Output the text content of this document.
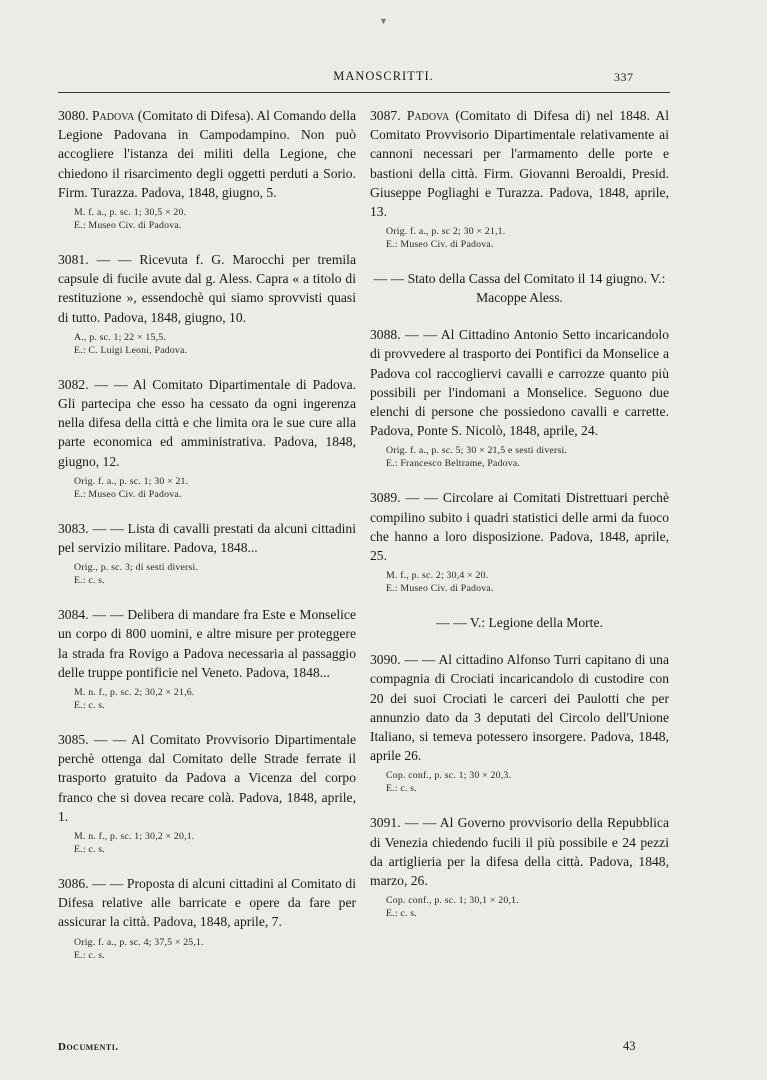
▼
MANOSCRITTI.	337

3080. Padova (Comitato di Difesa). Al Comando della Legione Padovana in Campodampino. Non può accogliere l'istanza dei militi della Legione, che chiedono il risarcimento degli oggetti perduti a Sorio. Firm. Turazza. Padova, 1848, giugno, 5.

M. f. a., p. sc. 1; 30,5 × 20.
E.: Museo Civ. di Padova.

3081. — — Ricevuta f. G. Marocchi per tremila capsule di fucile avute dal g. Aless. Capra « a titolo di restituzione », essendochè qui siamo sprovvisti quasi di tutto. Padova, 1848, giugno, 10.

A., p. sc. 1; 22 × 15,5.
E.: C. Luigi Leoni, Padova.

3082. — — Al Comitato Dipartimentale di Padova. Gli partecipa che esso ha cessato da ogni ingerenza nella difesa della città e che limita ora le sue cure alla parte economica ed amministrativa. Padova, 1848, giugno, 12.

Orig. f. a., p. sc. 1; 30 × 21.
E.: Museo Civ. di Padova.

3083. — — Lista di cavalli prestati da alcuni cittadini pel servizio militare. Padova, 1848...

Orig., p. sc. 3; di sesti diversi.
E.: c. s.

3084. — — Delibera di mandare fra Este e Monselice un corpo di 800 uomini, e altre misure per proteggere la strada fra Rovigo a Padova necessaria al passaggio delle truppe pontificie nel Veneto. Padova, 1848...

M. n. f., p. sc. 2; 30,2 × 21,6.
E.: c. s.

3085. — — Al Comitato Provvisorio Dipartimentale perchè ottenga dal Comitato delle Strade ferrate il trasporto gratuito da Padova a Vicenza del corpo franco che si dovea recare colà. Padova, 1848, aprile, 1.

M. n. f., p. sc. 1; 30,2 × 20,1.
E.: c. s.

3086. — — Proposta di alcuni cittadini al Comitato di Difesa relative alle barricate e opere da fare per assicurar la città. Padova, 1848, aprile, 7.

Orig. f. a., p. sc. 4; 37,5 × 25,1.
E.: c. s.

3087. Padova (Comitato di Difesa di) nel 1848. Al Comitato Provvisorio Dipartimentale relativamente ai cannoni necessari per l'armamento delle porte e bastioni della città. Firm. Giovanni Beroaldi, Presid. Giuseppe Pogliaghi e Turazza. Padova, 1848, aprile, 13.

Orig. f. a., p. sc 2; 30 × 21,1.
E.: Museo Civ. di Padova.
— — Stato della Cassa del Comitato il 14 giugno. V.: Macoppe Aless.

3088. — — Al Cittadino Antonio Setto incaricandolo di provvedere al trasporto dei Pontifici da Monselice a Padova col raccogliervi cavalli e carrozze quanto più possibili per l'indomani a Monselice. Seguono due elenchi di persone che possiedono cavalli e carrette. Padova, Ponte S. Nicolò, 1848, aprile, 24.

Orig. f. a., p. sc. 5; 30 × 21,5 e sesti diversi.
E.: Francesco Beltrame, Padova.

3089. — — Circolare ai Comitati Distrettuari perchè compilino subito i quadri statistici delle armi da fuoco che hanno a loro disposizione. Padova, 1848, aprile, 25.

M. f., p. sc. 2; 30,4 × 20.
E.: Museo Civ. di Padova.
— — V.: Legione della Morte.

3090. — — Al cittadino Alfonso Turri capitano di una compagnia di Crociati incaricandolo di custodire con 20 dei suoi Crociati le carceri dei Paulotti che per annunzio dato da 3 deputati del Circolo dell'Unione Italiano, si temeva potessero insorgere. Padova, 1848, aprile 26.

Cop. conf., p. sc. 1; 30 × 20,3.
E.: c. s.

3091. — — Al Governo provvisorio della Repubblica di Venezia chiedendo fucili il più possibile e 24 pezzi da artiglieria per la difesa della città. Padova, 1848, marzo, 26.

Cop. conf., p. sc. 1; 30,1 × 20,1.
E.: c. s.
Documenti.	43
